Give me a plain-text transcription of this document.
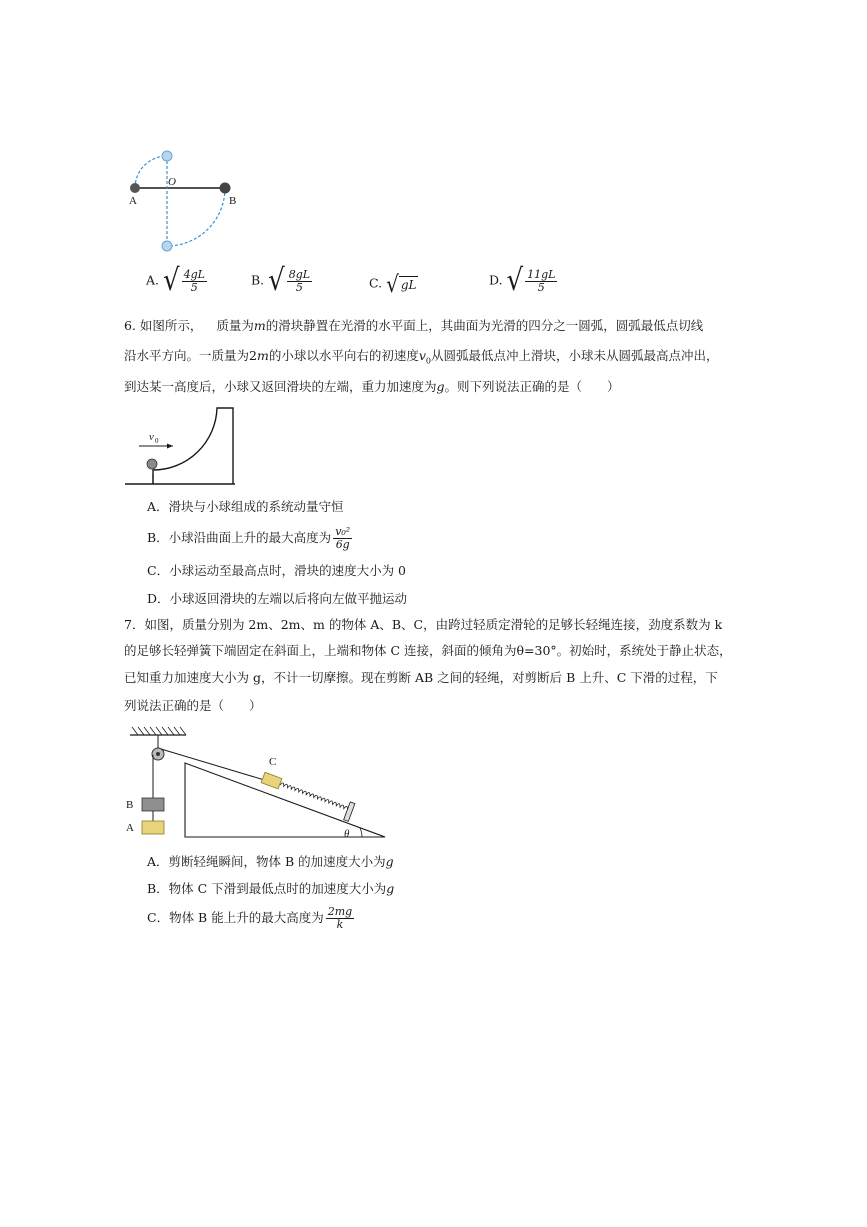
O
A	B
A. √ $\frac{4gL}{5}$	B. √ $\frac{8gL}{5}$	C. √ gL	D. √ $\frac{11gL}{5}$
6. 如图所示， 质量为m的滑块静置在光滑的水平面上，其曲面为光滑的四分之一圆弧，圆弧最低点切线
沿水平方向。一质量为2m的小球以水平向右的初速度$v_0$从圆弧最低点冲上滑块，小球未从圆弧最高点冲出，
到达某一高度后，小球又返回滑块的左端，重力加速度为g。则下列说法正确的是（　　）
v 0
A．滑块与小球组成的系统动量守恒
B．小球沿曲面上升的最大高度为 $\frac{\text{v₀²}}{6g}$
C．小球运动至最高点时，滑块的速度大小为 0
D．小球返回滑块的左端以后将向左做平抛运动
7．如图，质量分别为 2m、2m、m 的物体 A、B、C，由跨过轻质定滑轮的足够长轻绳连接，劲度系数为 k
的足够长轻弹簧下端固定在斜面上，上端和物体 C 连接，斜面的倾角为θ=30°。初始时，系统处于静止状态，
已知重力加速度大小为 g，不计一切摩擦。现在剪断 AB 之间的轻绳，对剪断后 B 上升、C 下滑的过程，下
列说法正确的是（　　）
B
A
C
θ
A．剪断轻绳瞬间，物体 B 的加速度大小为g
B．物体 C 下滑到最低点时的加速度大小为g
C．物体 B 能上升的最大高度为 $\frac{2mg}{k}$
